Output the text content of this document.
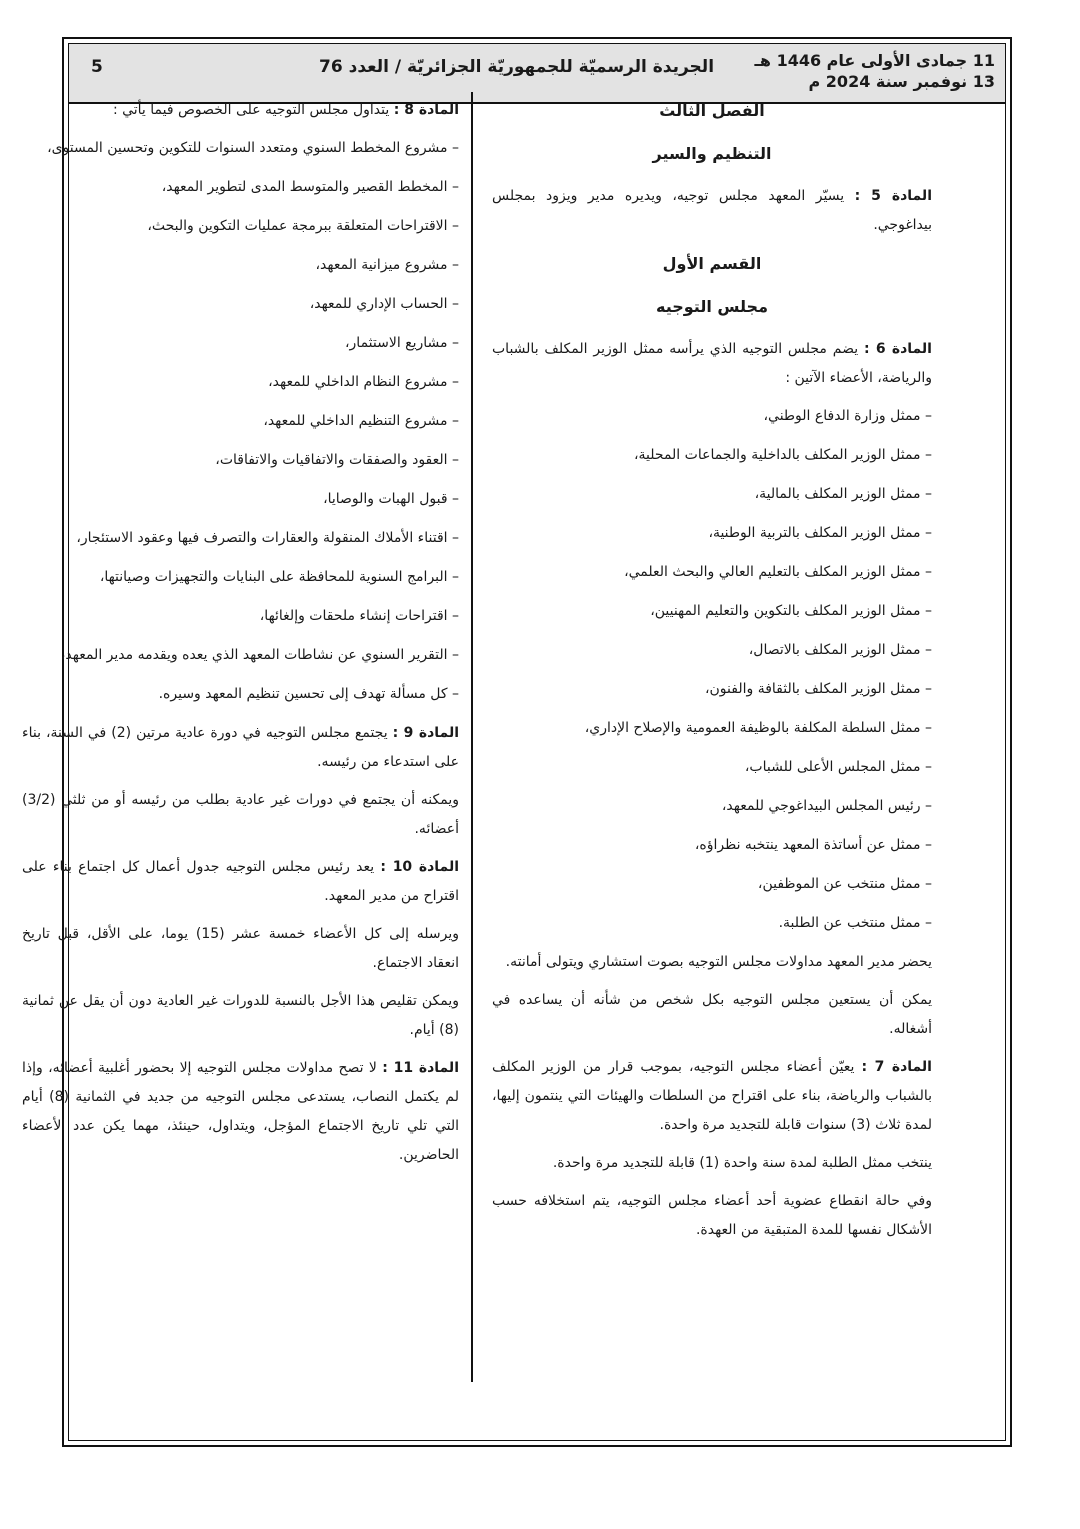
11 جمادى الأولى عام 1446 هـ
13 نوفمبر سنة 2024 م
الجريدة الرسميّة للجمهوريّة الجزائريّة / العدد 76
5
الفصل الثالث
التنظيم والسير

المادة 5 : يسيّر المعهد مجلس توجيه، ويديره مدير ويزود بمجلس بيداغوجي.

القسم الأول
مجلس التوجيه

المادة 6 : يضم مجلس التوجيه الذي يرأسه ممثل الوزير المكلف بالشباب والرياضة، الأعضاء الآتين :

– ممثل وزارة الدفاع الوطني،

– ممثل الوزير المكلف بالداخلية والجماعات المحلية،

– ممثل الوزير المكلف بالمالية،

– ممثل الوزير المكلف بالتربية الوطنية،

– ممثل الوزير المكلف بالتعليم العالي والبحث العلمي،

– ممثل الوزير المكلف بالتكوين والتعليم المهنيين،

– ممثل الوزير المكلف بالاتصال،

– ممثل الوزير المكلف بالثقافة والفنون،

– ممثل السلطة المكلفة بالوظيفة العمومية والإصلاح الإداري،

– ممثل المجلس الأعلى للشباب،

– رئيس المجلس البيداغوجي للمعهد،

– ممثل عن أساتذة المعهد ينتخبه نظراؤه،

– ممثل منتخب عن الموظفين،

– ممثل منتخب عن الطلبة.

يحضر مدير المعهد مداولات مجلس التوجيه بصوت استشاري ويتولى أمانته.

يمكن أن يستعين مجلس التوجيه بكل شخص من شأنه أن يساعده في أشغاله.

المادة 7 : يعيّن أعضاء مجلس التوجيه، بموجب قرار من الوزير المكلف بالشباب والرياضة، بناء على اقتراح من السلطات والهيئات التي ينتمون إليها، لمدة ثلاث (3) سنوات قابلة للتجديد مرة واحدة.

ينتخب ممثل الطلبة لمدة سنة واحدة (1) قابلة للتجديد مرة واحدة.

وفي حالة انقطاع عضوية أحد أعضاء مجلس التوجيه، يتم استخلافه حسب الأشكال نفسها للمدة المتبقية من العهدة.

المادة 8 : يتداول مجلس التوجيه على الخصوص فيما يأتي :

– مشروع المخطط السنوي ومتعدد السنوات للتكوين وتحسين المستوى،

– المخطط القصير والمتوسط المدى لتطوير المعهد،

– الاقتراحات المتعلقة ببرمجة عمليات التكوين والبحث،

– مشروع ميزانية المعهد،

– الحساب الإداري للمعهد،

– مشاريع الاستثمار،

– مشروع النظام الداخلي للمعهد،

– مشروع التنظيم الداخلي للمعهد،

– العقود والصفقات والاتفاقيات والاتفاقات،

– قبول الهبات والوصايا،

– اقتناء الأملاك المنقولة والعقارات والتصرف فيها وعقود الاستئجار،

– البرامج السنوية للمحافظة على البنايات والتجهيزات وصيانتها،

– اقتراحات إنشاء ملحقات وإلغائها،

– التقرير السنوي عن نشاطات المعهد الذي يعده ويقدمه مدير المعهد،

– كل مسألة تهدف إلى تحسين تنظيم المعهد وسيره.

المادة 9 : يجتمع مجلس التوجيه في دورة عادية مرتين (2) في السنة، بناء على استدعاء من رئيسه.

ويمكنه أن يجتمع في دورات غير عادية بطلب من رئيسه أو من ثلثي (3/2) أعضائه.

المادة 10 : يعد رئيس مجلس التوجيه جدول أعمال كل اجتماع بناء على اقتراح من مدير المعهد.

ويرسله إلى كل الأعضاء خمسة عشر (15) يوما، على الأقل، قبل تاريخ انعقاد الاجتماع.

ويمكن تقليص هذا الأجل بالنسبة للدورات غير العادية دون أن يقل عن ثمانية (8) أيام.

المادة 11 : لا تصح مداولات مجلس التوجيه إلا بحضور أغلبية أعضائه، وإذا لم يكتمل النصاب، يستدعى مجلس التوجيه من جديد في الثمانية (8) أيام التي تلي تاريخ الاجتماع المؤجل، ويتداول، حينئذ، مهما يكن عدد الأعضاء الحاضرين.
